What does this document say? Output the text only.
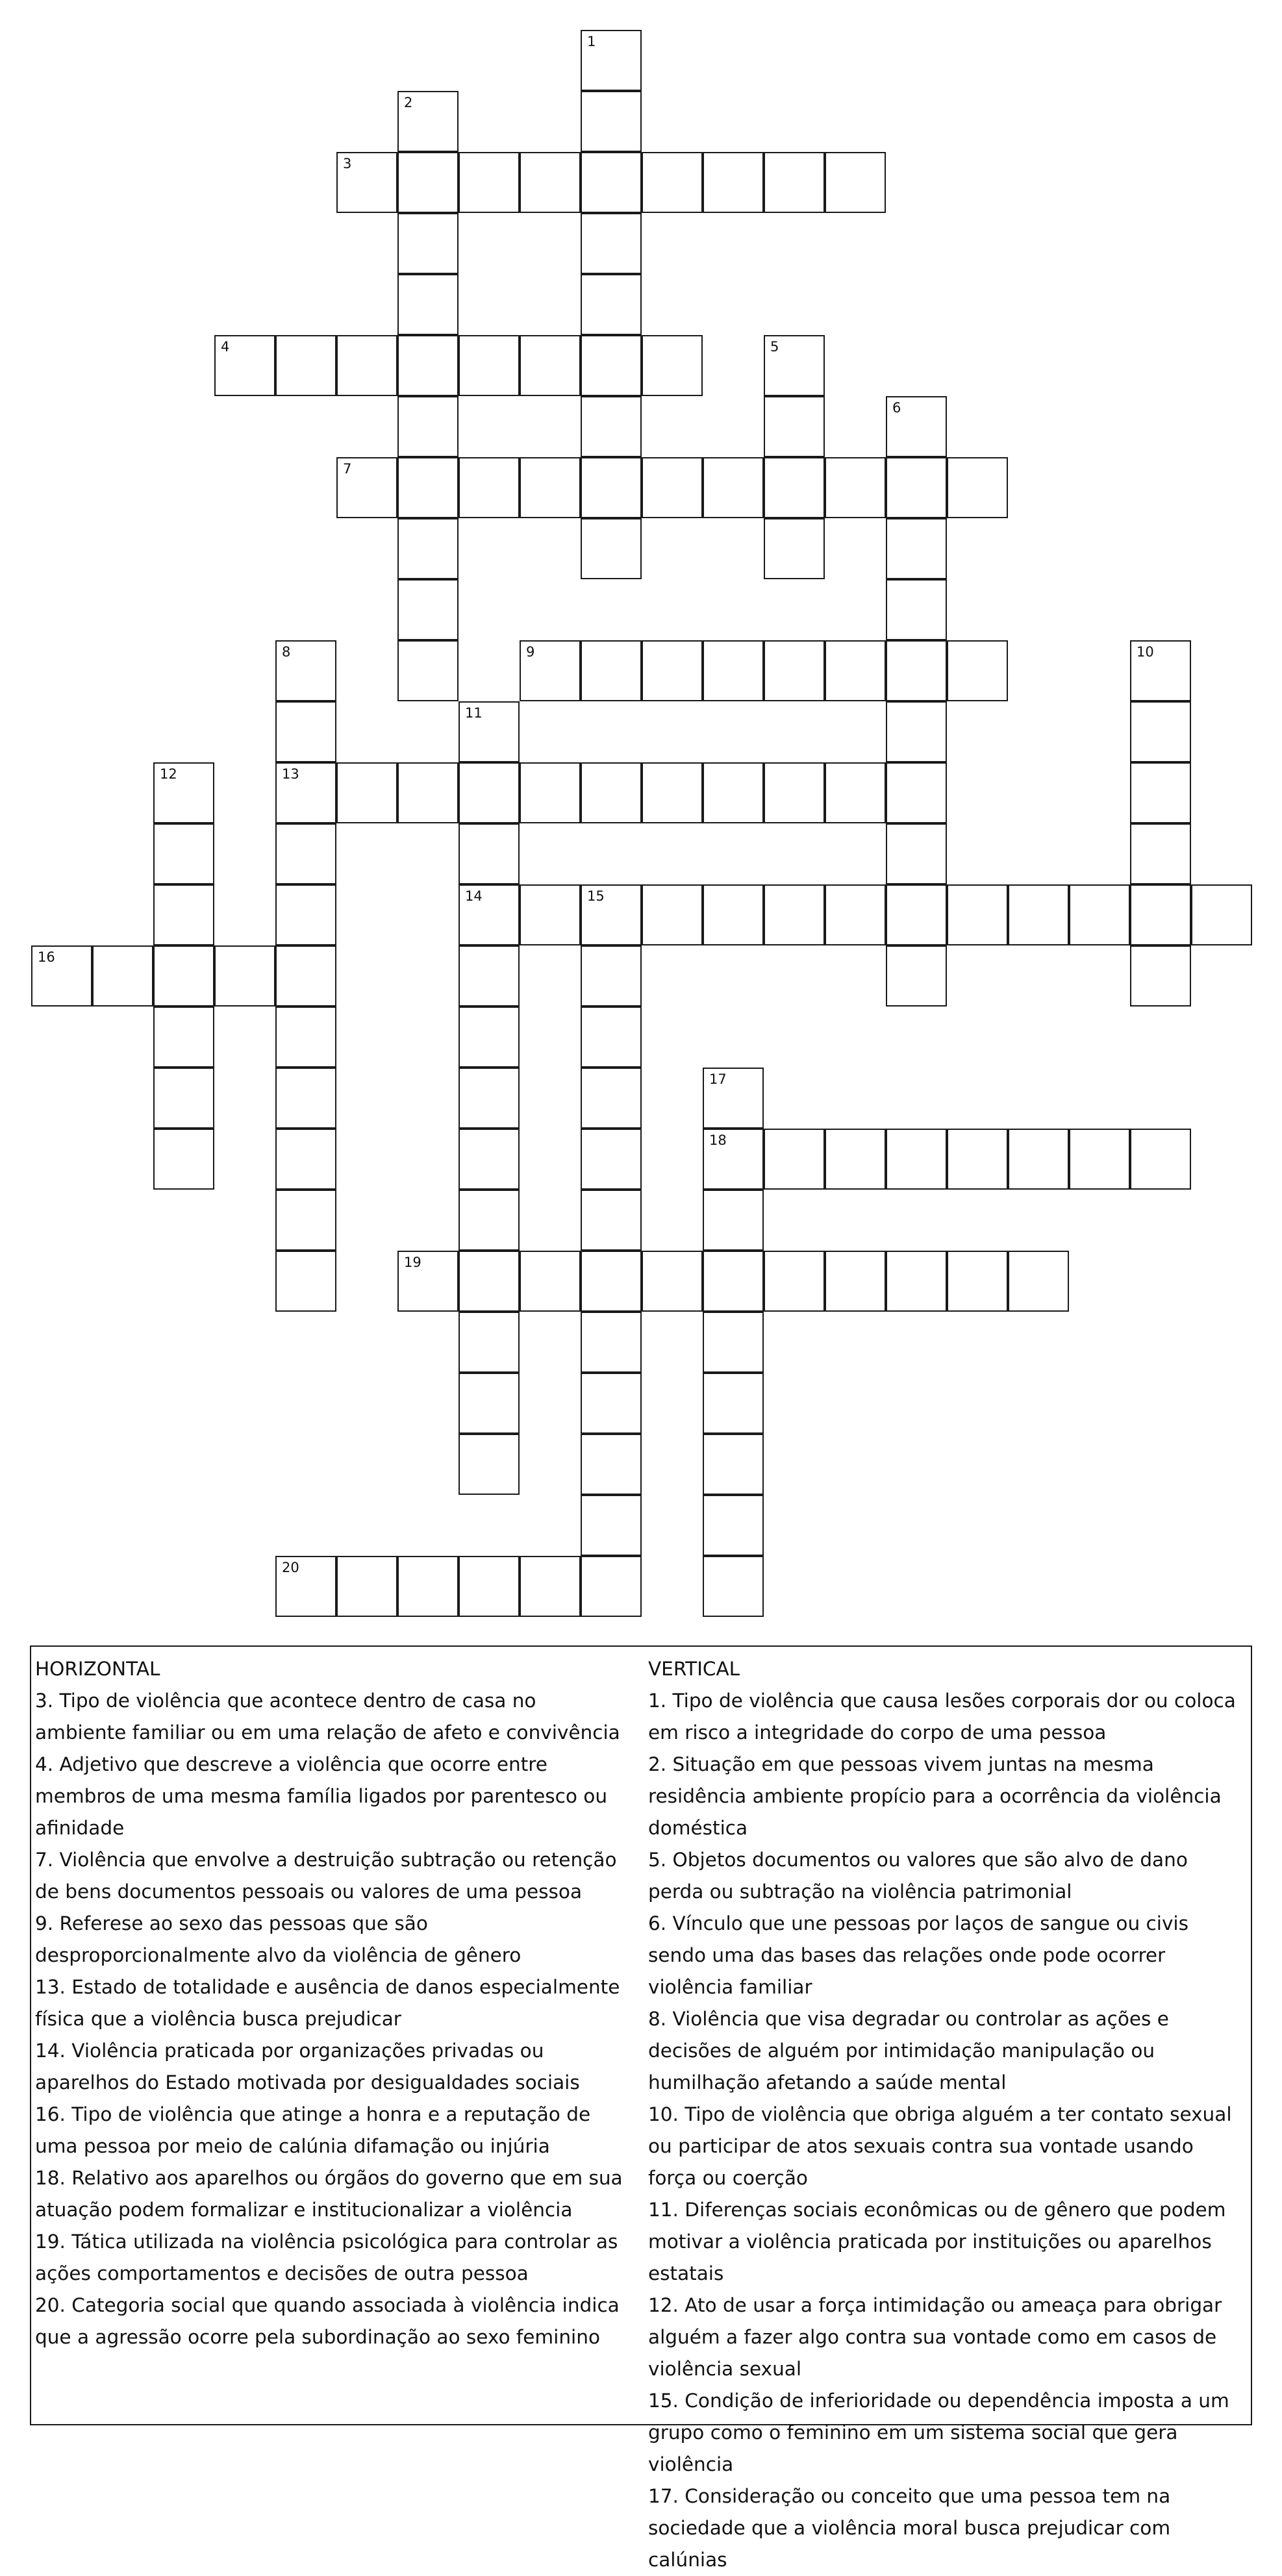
1
2
3
4	5
6
7
8
13
9	10
11
14
12
15
16
17
18
19
20
HORIZONTAL
3. Tipo de violência que acontece dentro de casa no ambiente familiar ou em uma relação de afeto e convivência
4. Adjetivo que descreve a violência que ocorre entre membros de uma mesma família ligados por parentesco ou afinidade
7. Violência que envolve a destruição subtração ou retenção de bens documentos pessoais ou valores de uma pessoa
9. Referese ao sexo das pessoas que são desproporcionalmente alvo da violência de gênero
13. Estado de totalidade e ausência de danos especialmente física que a violência busca prejudicar
14. Violência praticada por organizações privadas ou aparelhos do Estado motivada por desigualdades sociais
16. Tipo de violência que atinge a honra e a reputação de uma pessoa por meio de calúnia difamação ou injúria
18. Relativo aos aparelhos ou órgãos do governo que em sua atuação podem formalizar e institucionalizar a violência
19. Tática utilizada na violência psicológica para controlar as ações comportamentos e decisões de outra pessoa
20. Categoria social que quando associada à violência indica que a agressão ocorre pela subordinação ao sexo feminino
VERTICAL
1. Tipo de violência que causa lesões corporais dor ou coloca em risco a integridade do corpo de uma pessoa
2. Situação em que pessoas vivem juntas na mesma residência ambiente propício para a ocorrência da violência doméstica
5. Objetos documentos ou valores que são alvo de dano perda ou subtração na violência patrimonial
6. Vínculo que une pessoas por laços de sangue ou civis sendo uma das bases das relações onde pode ocorrer violência familiar
8. Violência que visa degradar ou controlar as ações e decisões de alguém por intimidação manipulação ou humilhação afetando a saúde mental
10. Tipo de violência que obriga alguém a ter contato sexual ou participar de atos sexuais contra sua vontade usando força ou coerção
11. Diferenças sociais econômicas ou de gênero que podem motivar a violência praticada por instituições ou aparelhos estatais
12. Ato de usar a força intimidação ou ameaça para obrigar alguém a fazer algo contra sua vontade como em casos de violência sexual
15. Condição de inferioridade ou dependência imposta a um grupo como o feminino em um sistema social que gera violência
17. Consideração ou conceito que uma pessoa tem na sociedade que a violência moral busca prejudicar com calúnias
